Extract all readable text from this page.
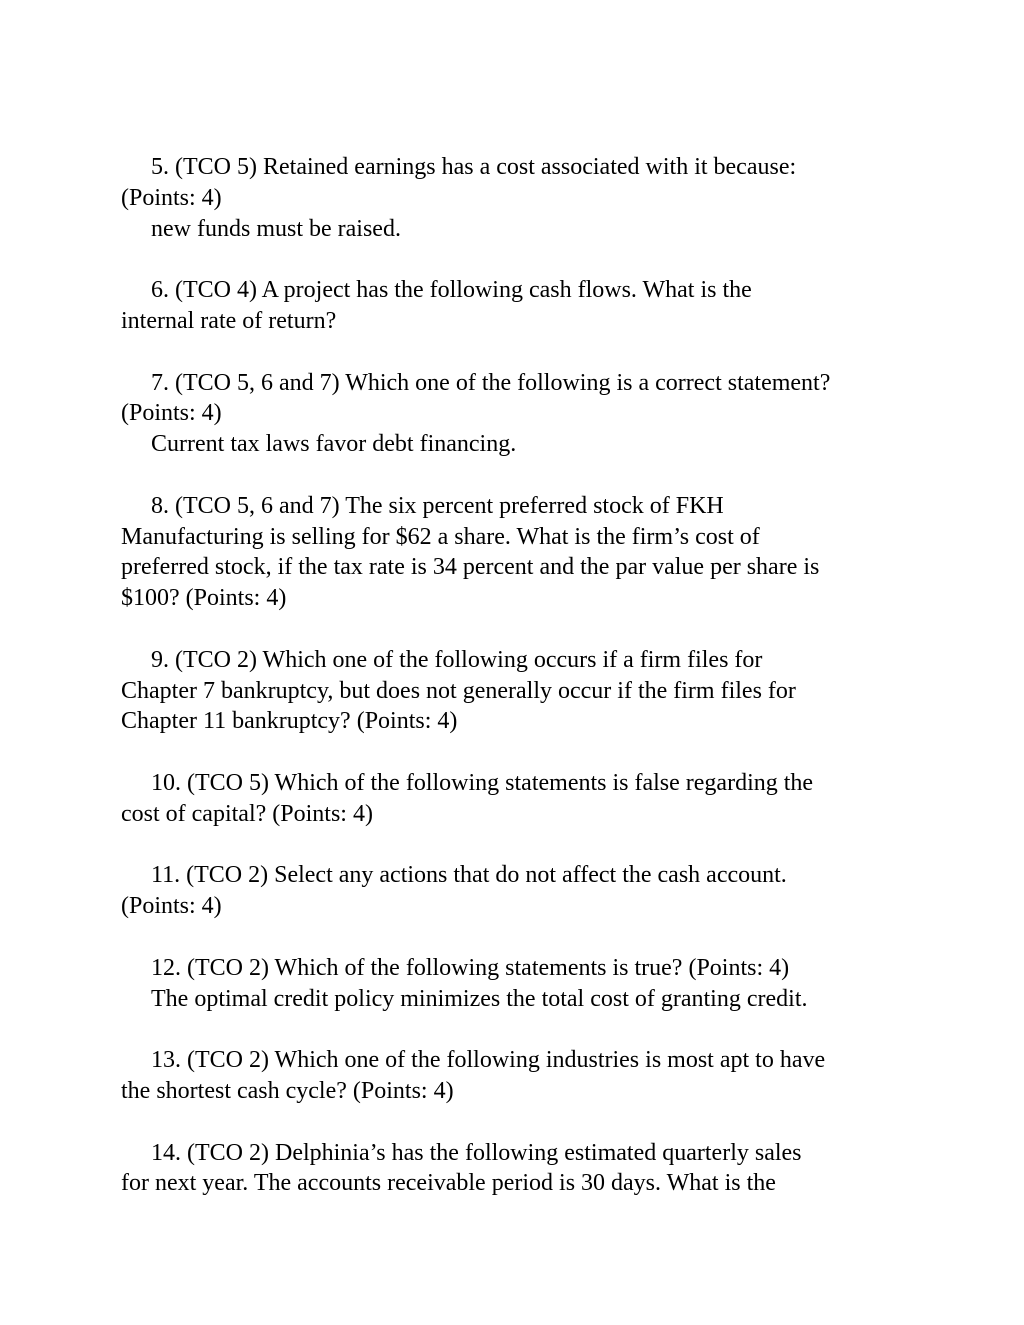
5. (TCO 5) Retained earnings has a cost associated with it because:
(Points: 4)

new funds must be raised.

6. (TCO 4) A project has the following cash flows. What is the
internal rate of return?

7. (TCO 5, 6 and 7) Which one of the following is a correct statement?
(Points: 4)

Current tax laws favor debt financing.

8. (TCO 5, 6 and 7) The six percent preferred stock of FKH
Manufacturing is selling for $62 a share. What is the firm’s cost of
preferred stock, if the tax rate is 34 percent and the par value per share is
$100? (Points: 4)

9. (TCO 2) Which one of the following occurs if a firm files for
Chapter 7 bankruptcy, but does not generally occur if the firm files for
Chapter 11 bankruptcy? (Points: 4)

10. (TCO 5) Which of the following statements is false regarding the
cost of capital? (Points: 4)

11. (TCO 2) Select any actions that do not affect the cash account.
(Points: 4)

12. (TCO 2) Which of the following statements is true? (Points: 4)

The optimal credit policy minimizes the total cost of granting credit.

13. (TCO 2) Which one of the following industries is most apt to have
the shortest cash cycle? (Points: 4)

14. (TCO 2) Delphinia’s has the following estimated quarterly sales
for next year. The accounts receivable period is 30 days. What is the
